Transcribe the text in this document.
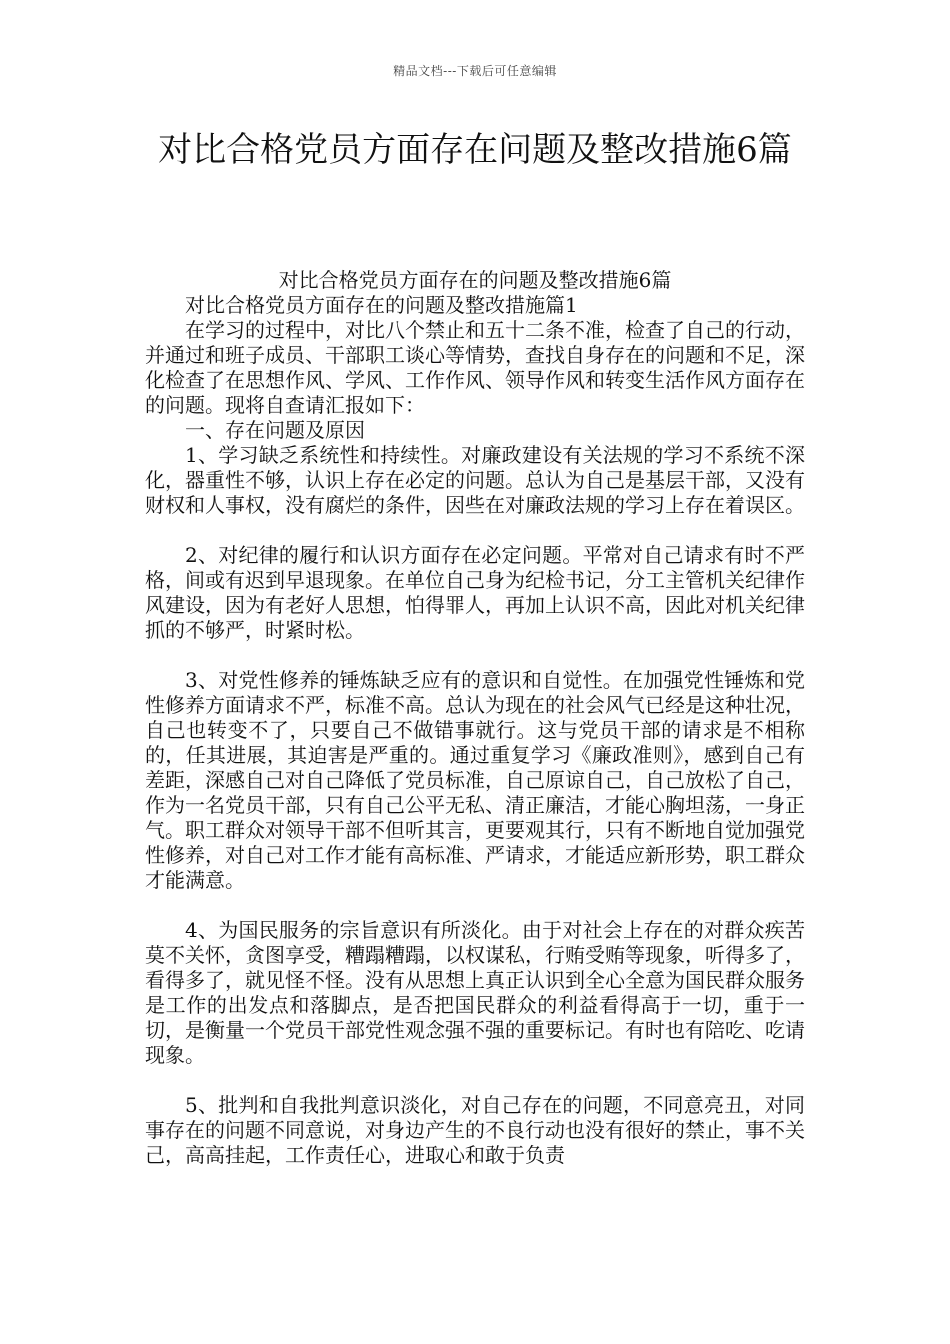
精品文档---下载后可任意编辑
对比合格党员方面存在问题及整改措施6篇

对比合格党员方面存在的问题及整改措施6篇

对比合格党员方面存在的问题及整改措施篇1

在学习的过程中，对比八个禁止和五十二条不准，检查了自己的行动，并通过和班子成员、干部职工谈心等情势，查找自身存在的问题和不足，深化检查了在思想作风、学风、工作作风、领导作风和转变生活作风方面存在的问题。现将自查请汇报如下：

一、存在问题及原因

1、学习缺乏系统性和持续性。对廉政建设有关法规的学习不系统不深化，器重性不够，认识上存在必定的问题。总认为自己是基层干部，又没有财权和人事权，没有腐烂的条件，因些在对廉政法规的学习上存在着误区。

2、对纪律的履行和认识方面存在必定问题。平常对自己请求有时不严格，间或有迟到早退现象。在单位自己身为纪检书记，分工主管机关纪律作风建设，因为有老好人思想，怕得罪人，再加上认识不高，因此对机关纪律抓的不够严，时紧时松。

3、对党性修养的锤炼缺乏应有的意识和自觉性。在加强党性锤炼和党性修养方面请求不严，标准不高。总认为现在的社会风气已经是这种壮况，自己也转变不了，只要自己不做错事就行。这与党员干部的请求是不相称的，任其进展，其迫害是严重的。通过重复学习《廉政准则》，感到自己有差距，深感自己对自己降低了党员标准，自己原谅自己，自己放松了自己，作为一名党员干部，只有自己公平无私、清正廉洁，才能心胸坦荡，一身正气。职工群众对领导干部不但听其言，更要观其行，只有不断地自觉加强党性修养，对自己对工作才能有高标准、严请求，才能适应新形势，职工群众才能满意。

4、为国民服务的宗旨意识有所淡化。由于对社会上存在的对群众疾苦莫不关怀，贪图享受，糟蹋糟蹋，以权谋私，行贿受贿等现象，听得多了，看得多了，就见怪不怪。没有从思想上真正认识到全心全意为国民群众服务是工作的出发点和落脚点，是否把国民群众的利益看得高于一切，重于一切，是衡量一个党员干部党性观念强不强的重要标记。有时也有陪吃、吃请现象。

5、批判和自我批判意识淡化，对自己存在的问题，不同意亮丑，对同事存在的问题不同意说，对身边产生的不良行动也没有很好的禁止，事不关己，高高挂起，工作责任心，进取心和敢于负责
